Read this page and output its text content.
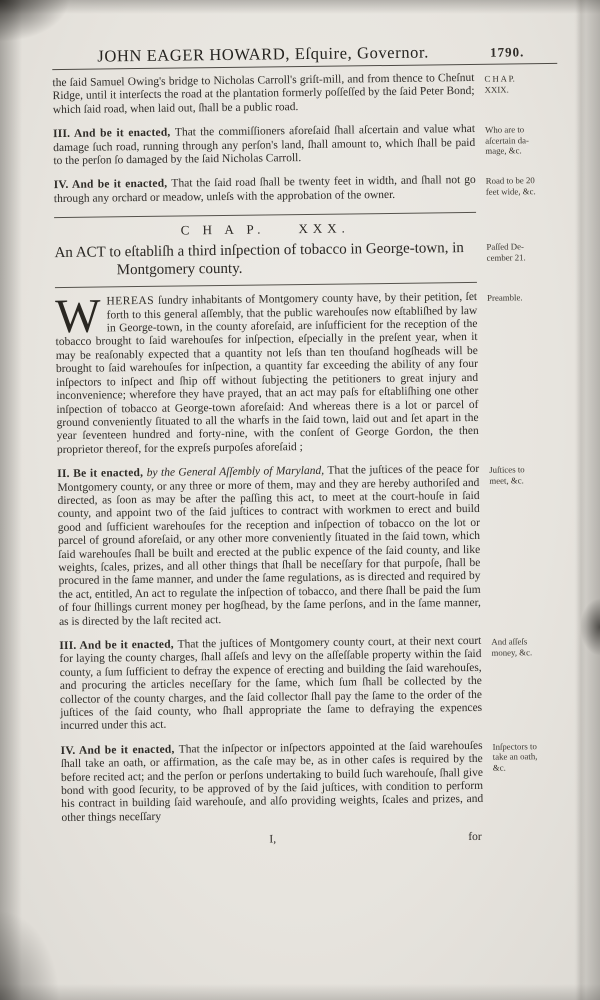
JOHN EAGER HOWARD, Eſquire, Governor.	1790.

the ſaid Samuel Owing's bridge to Nicholas Carroll's griſt-mill, and from thence to Cheſnut Ridge, until it interſects the road at the plantation formerly poſſeſſed by the ſaid Peter Bond; which ſaid road, when laid out, ſhall be a public road.

C H A P.
XXIX.

III. And be it enacted, That the commiſſioners aforeſaid ſhall aſcertain and value what damage ſuch road, running through any perſon's land, ſhall amount to, which ſhall be paid to the perſon ſo damaged by the ſaid Nicholas Carroll.

Who are to
aſcertain da-
mage, &c.

IV. And be it enacted, That the ſaid road ſhall be twenty feet in width, and ſhall not go through any orchard or meadow, unleſs with the approbation of the owner.

Road to be 20
feet wide, &c.
C H A P.    XXX.
An ACT to eſtabliſh a third inſpection of tobacco in George-town, in Montgomery county.
Paſſed De-
cember 21.

WHEREAS ſundry inhabitants of Montgomery county have, by their petition, ſet forth to this general aſſembly, that the public warehouſes now eſtabliſhed by law in George-town, in the county aforeſaid, are inſufficient for the reception of the tobacco brought to ſaid warehouſes for inſpection, eſpecially in the preſent year, when it may be reaſonably expected that a quantity not leſs than ten thouſand hogſheads will be brought to ſaid warehouſes for inſpection, a quantity far exceeding the ability of any four inſpectors to inſpect and ſhip off without ſubjecting the petitioners to great injury and inconvenience; wherefore they have prayed, that an act may paſs for eſtabliſhing one other inſpection of tobacco at George-town aforeſaid: And whereas there is a lot or parcel of ground conveniently ſituated to all the wharfs in the ſaid town, laid out and ſet apart in the year ſeventeen hundred and forty-nine, with the conſent of George Gordon, the then proprietor thereof, for the expreſs purpoſes aforeſaid ;

Preamble.

II. Be it enacted, by the General Aſſembly of Maryland, That the juſtices of the peace for Montgomery county, or any three or more of them, may and they are hereby authoriſed and directed, as ſoon as may be after the paſſing this act, to meet at the court-houſe in ſaid county, and appoint two of the ſaid juſtices to contract with workmen to erect and build good and ſufficient warehouſes for the reception and inſpection of tobacco on the lot or parcel of ground aforeſaid, or any other more conveniently ſituated in the ſaid town, which ſaid warehouſes ſhall be built and erected at the public expence of the ſaid county, and like weights, ſcales, prizes, and all other things that ſhall be neceſſary for that purpoſe, ſhall be procured in the ſame manner, and under the ſame regulations, as is directed and required by the act, entitled, An act to regulate the inſpection of tobacco, and there ſhall be paid the ſum of four ſhillings current money per hogſhead, by the ſame perſons, and in the ſame manner, as is directed by the laſt recited act.

Juſtices to
meet, &c.

III. And be it enacted, That the juſtices of Montgomery county court, at their next court for laying the county charges, ſhall aſſeſs and levy on the aſſeſſable property within the ſaid county, a ſum ſufficient to defray the expence of erecting and building the ſaid warehouſes, and procuring the articles neceſſary for the ſame, which ſum ſhall be collected by the collector of the county charges, and the ſaid collector ſhall pay the ſame to the order of the juſtices of the ſaid county, who ſhall appropriate the ſame to defraying the expences incurred under this act.

And aſſeſs
money, &c.

IV. And be it enacted, That the inſpector or inſpectors appointed at the ſaid warehouſes ſhall take an oath, or affirmation, as the caſe may be, as in other caſes is required by the before recited act; and the perſon or perſons undertaking to build ſuch warehouſe, ſhall give bond with good ſecurity, to be approved of by the ſaid juſtices, with condition to perform his contract in building ſaid warehouſe, and alſo providing weights, ſcales and prizes, and other things neceſſary

Inſpectors to
take an oath,
&c.
I,	for
